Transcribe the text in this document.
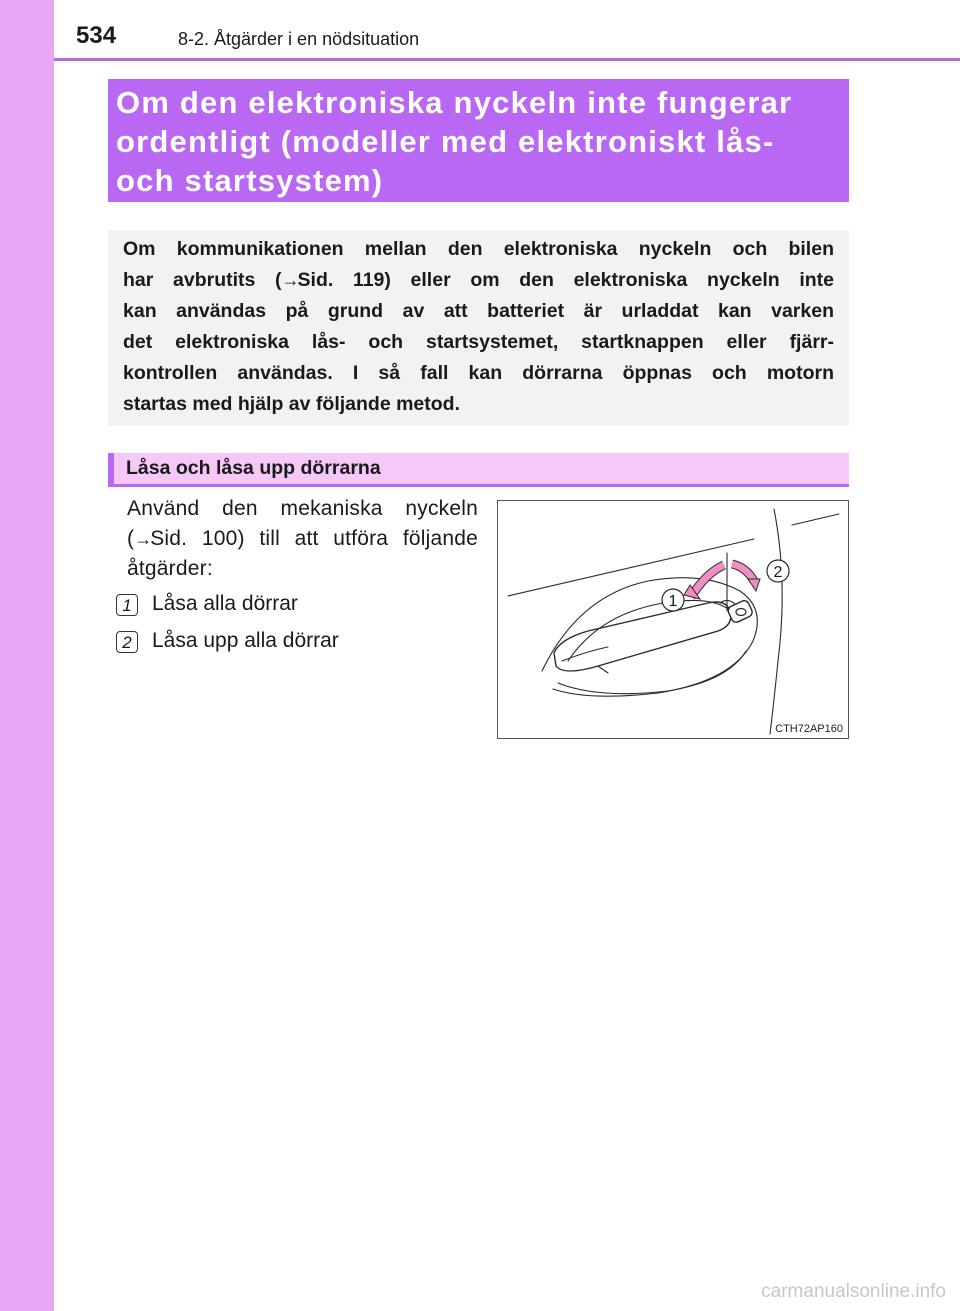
534	8-2. Åtgärder i en nödsituation
Om den elektroniska nyckeln inte fungerar
ordentligt (modeller med elektroniskt lås-
och startsystem)
Om kommunikationen mellan den elektroniska nyckeln och bilen
har avbrutits (→Sid. 119) eller om den elektroniska nyckeln inte
kan användas på grund av att batteriet är urladdat kan varken
det elektroniska lås- och startsystemet, startknappen eller fjärr-
kontrollen användas. I så fall kan dörrarna öppnas och motorn
startas med hjälp av följande metod.
Låsa och låsa upp dörrarna
Använd den mekaniska nyckeln
(→Sid. 100) till att utföra följande
åtgärder:
1 Låsa alla dörrar
2 Låsa upp alla dörrar
1
2
CTH72AP160
carmanualsonline.info
